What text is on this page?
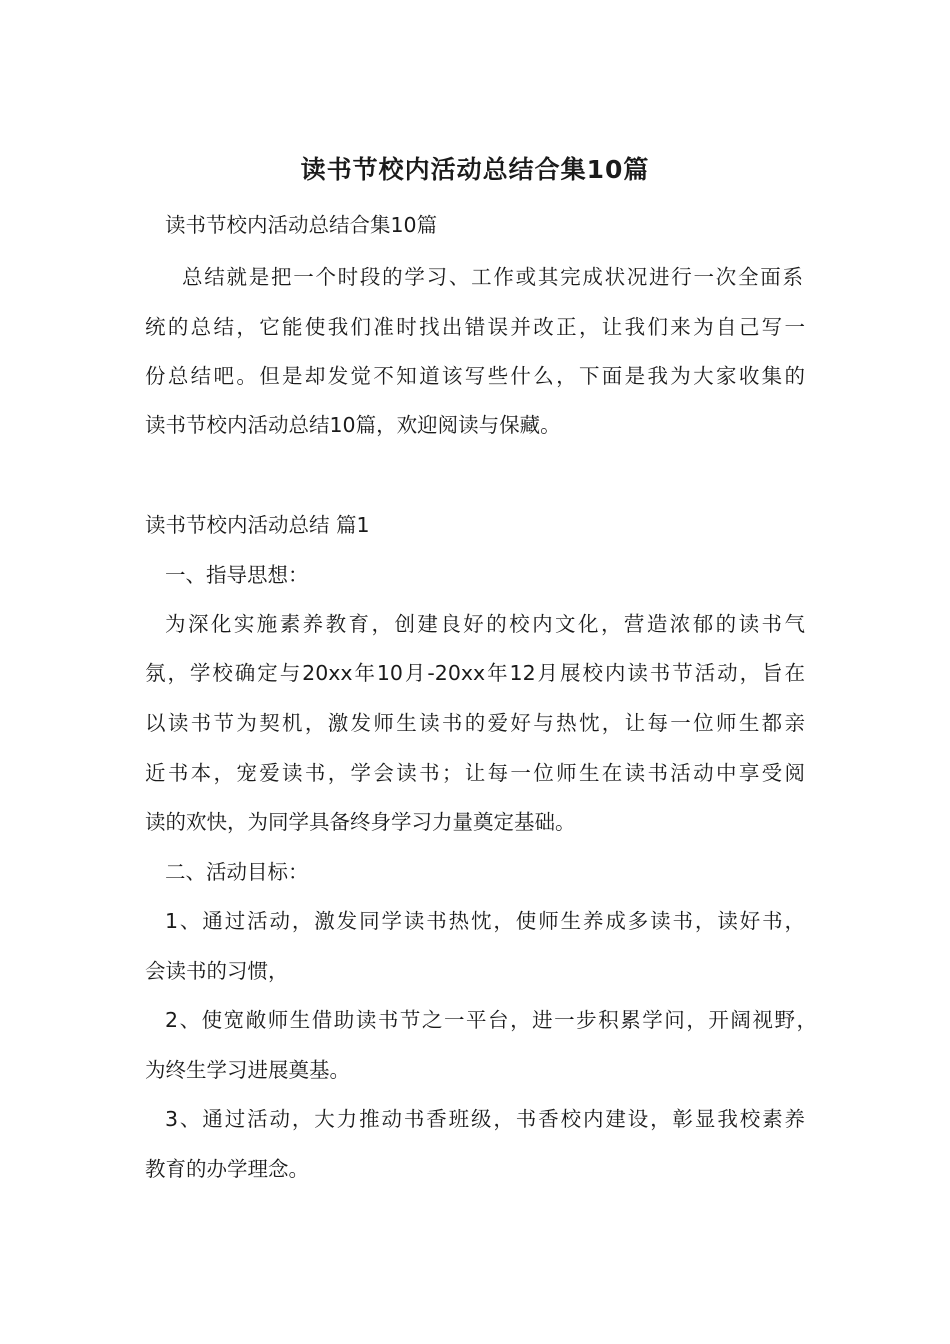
读书节校内活动总结合集10篇
读书节校内活动总结合集10篇
总结就是把一个时段的学习、工作或其完成状况进行一次全面系
统的总结，它能使我们准时找出错误并改正，让我们来为自己写一
份总结吧。但是却发觉不知道该写些什么，下面是我为大家收集的
读书节校内活动总结10篇，欢迎阅读与保藏。
读书节校内活动总结 篇1
一、指导思想：
为深化实施素养教育，创建良好的校内文化，营造浓郁的读书气
氛，学校确定与20xx年10月-20xx年12月展校内读书节活动，旨在
以读书节为契机，激发师生读书的爱好与热忱，让每一位师生都亲
近书本，宠爱读书，学会读书；让每一位师生在读书活动中享受阅
读的欢快，为同学具备终身学习力量奠定基础。
二、活动目标：
1、通过活动，激发同学读书热忱，使师生养成多读书，读好书，
会读书的习惯，
2、使宽敞师生借助读书节之一平台，进一步积累学问，开阔视野，
为终生学习进展奠基。
3、通过活动，大力推动书香班级，书香校内建设，彰显我校素养
教育的办学理念。
